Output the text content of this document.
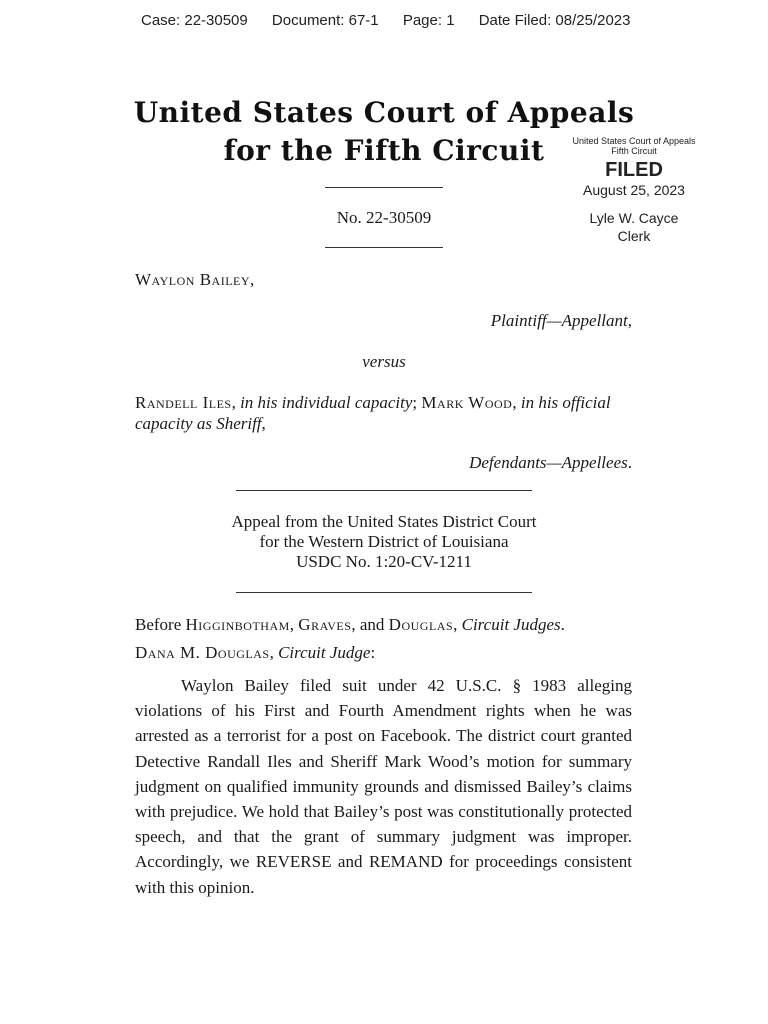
Case: 22-30509 Document: 67-1 Page: 1 Date Filed: 08/25/2023
United States Court of Appeals
for the Fifth Circuit	United States Court of Appeals
Fifth Circuit
FILED
August 25, 2023
Lyle W. Cayce
Clerk
No. 22-30509
Waylon Bailey,
Plaintiff—Appellant,
versus
Randell Iles, in his individual capacity; Mark Wood, in his official
capacity as Sheriff,
Defendants—Appellees.
Appeal from the United States District Court
for the Western District of Louisiana
USDC No. 1:20-CV-1211
Before Higginbotham, Graves, and Douglas, Circuit Judges.
Dana M. Douglas, Circuit Judge:

Waylon Bailey filed suit under 42 U.S.C. § 1983 alleging violations of his First and Fourth Amendment rights when he was arrested as a terrorist for a post on Facebook. The district court granted Detective Randall Iles and Sheriff Mark Wood’s motion for summary judgment on qualified immunity grounds and dismissed Bailey’s claims with prejudice. We hold that Bailey’s post was constitutionally protected speech, and that the grant of summary judgment was improper. Accordingly, we REVERSE and REMAND for proceedings consistent with this opinion.
